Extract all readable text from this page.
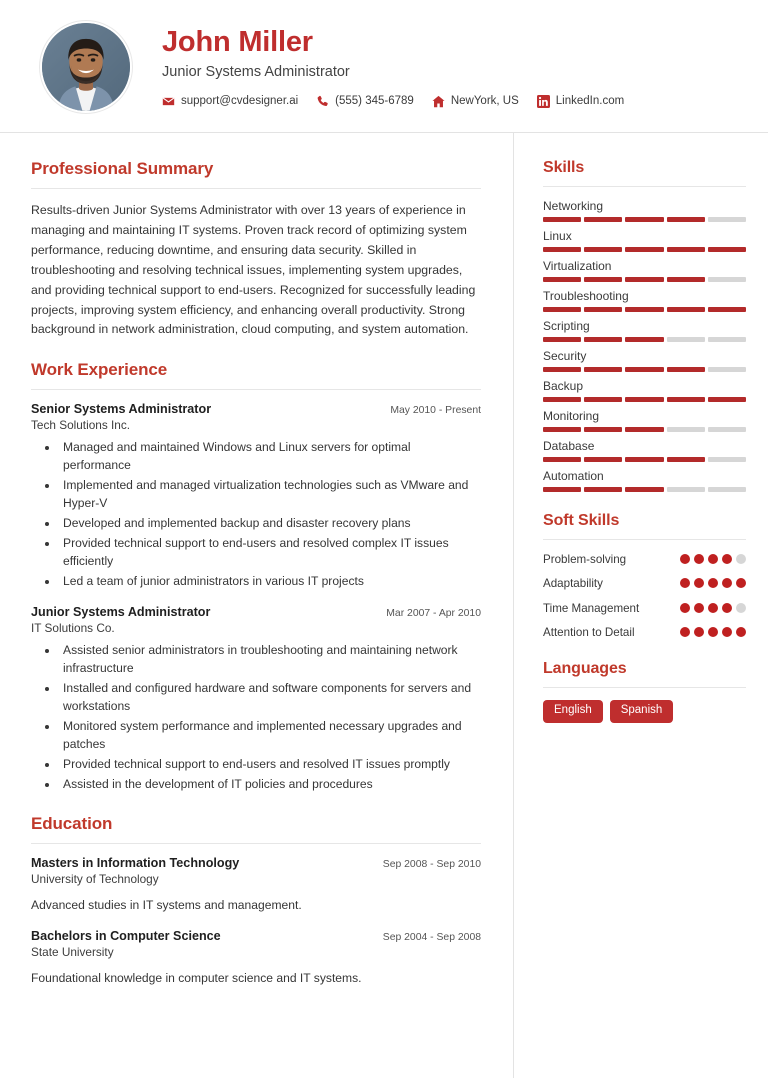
John Miller
Junior Systems Administrator
support@cvdesigner.ai	(555) 345-6789	NewYork, US	LinkedIn.com
Professional Summary
Results-driven Junior Systems Administrator with over 13 years of experience in managing and maintaining IT systems. Proven track record of optimizing system performance, reducing downtime, and ensuring data security. Skilled in troubleshooting and resolving technical issues, implementing system upgrades, and providing technical support to end-users. Recognized for successfully leading projects, improving system efficiency, and enhancing overall productivity. Strong background in network administration, cloud computing, and system automation.
Work Experience
Senior Systems Administrator	May 2010 - Present
Tech Solutions Inc.
• Managed and maintained Windows and Linux servers for optimal performance
• Implemented and managed virtualization technologies such as VMware and Hyper-V
• Developed and implemented backup and disaster recovery plans
• Provided technical support to end-users and resolved complex IT issues efficiently
• Led a team of junior administrators in various IT projects
Junior Systems Administrator	Mar 2007 - Apr 2010
IT Solutions Co.
• Assisted senior administrators in troubleshooting and maintaining network infrastructure
• Installed and configured hardware and software components for servers and workstations
• Monitored system performance and implemented necessary upgrades and patches
• Provided technical support to end-users and resolved IT issues promptly
• Assisted in the development of IT policies and procedures
Education
Masters in Information Technology	Sep 2008 - Sep 2010
University of Technology
Advanced studies in IT systems and management.
Bachelors in Computer Science	Sep 2004 - Sep 2008
State University
Foundational knowledge in computer science and IT systems.
Skills
Networking
Linux
Virtualization
Troubleshooting
Scripting
Security
Backup
Monitoring
Database
Automation
Soft Skills
Problem-solving
Adaptability
Time Management
Attention to Detail
Languages
English	Spanish
